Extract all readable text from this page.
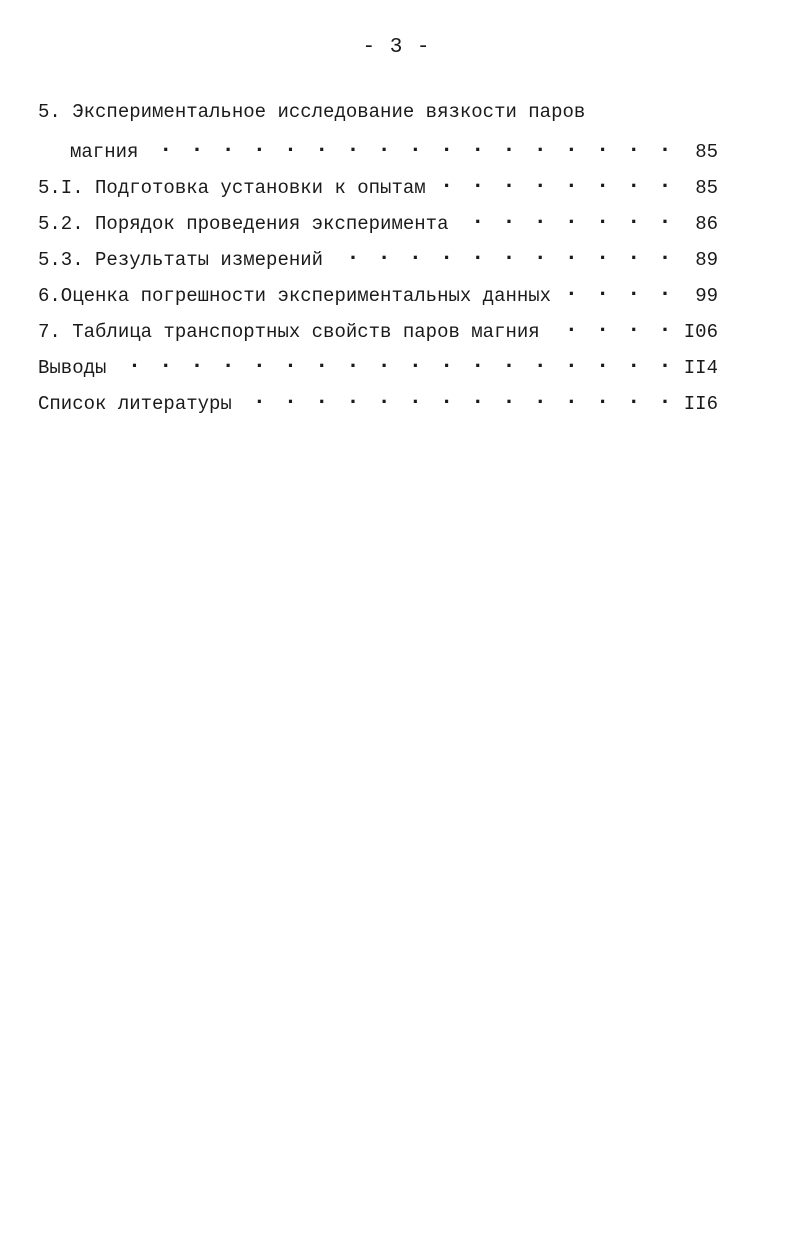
- 3 -
5. Экспериментальное исследование вязкости паров
магния . . .	85
5.I. Подготовка установки к опытам . . .	85
5.2. Порядок проведения эксперимента . . .	86
5.3. Результаты измерений . . .	89
6.Оценка погрешности экспериментальных данных . . .	99
7. Таблица транспортных свойств паров магния . . .	I06
Выводы . . .	II4
Список литературы . . .	II6
